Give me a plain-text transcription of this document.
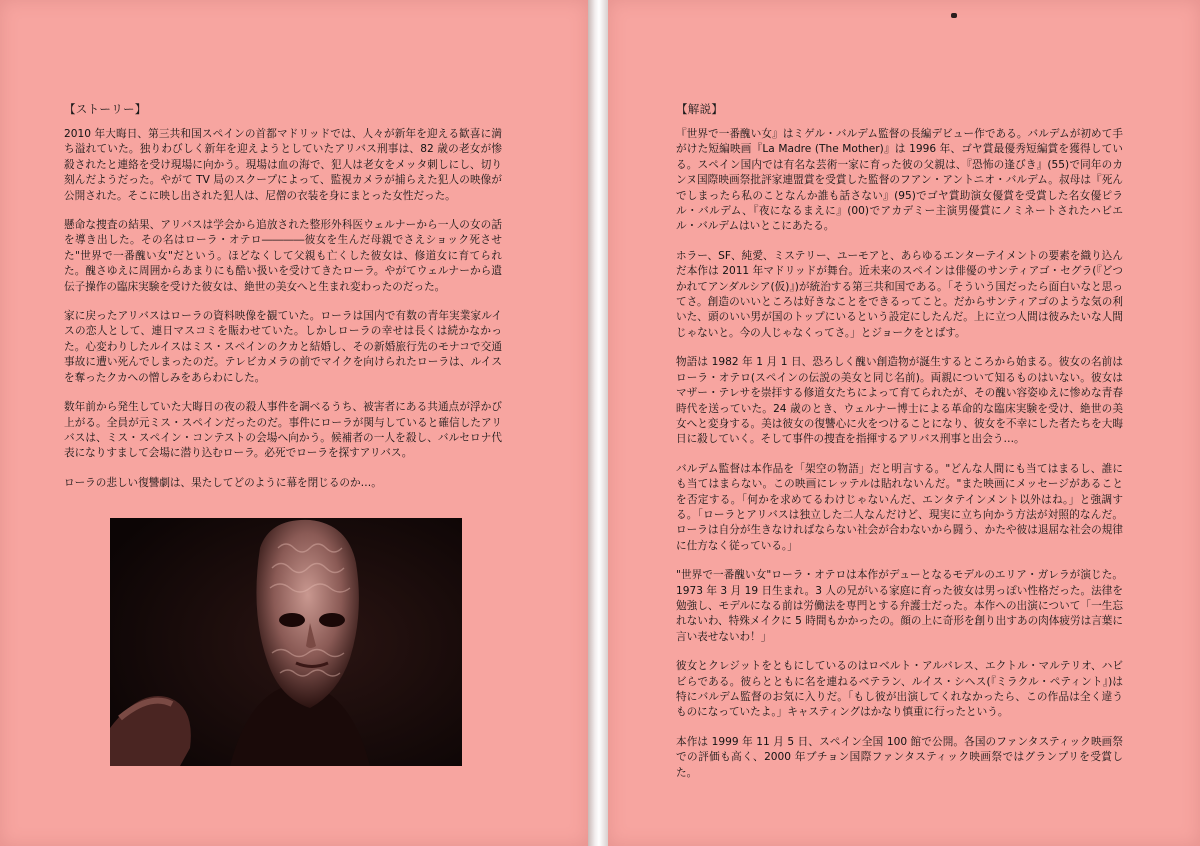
【ストーリー】

2010 年大晦日、第三共和国スペインの首都マドリッドでは、人々が新年を迎える歓喜に満ち溢れていた。独りわびしく新年を迎えようとしていたアリバス刑事は、82 歳の老女が惨殺されたと連絡を受け現場に向かう。現場は血の海で、犯人は老女をメッタ刺しにし、切り刻んだようだった。やがて TV 局のスクープによって、監視カメラが捕らえた犯人の映像が公開された。そこに映し出された犯人は、尼僧の衣装を身にまとった女性だった。

懸命な捜査の結果、アリバスは学会から追放された整形外科医ウェルナーから一人の女の話を導き出した。その名はローラ・オテロ――――彼女を生んだ母親でさえショック死させた"世界で一番醜い女"だという。ほどなくして父親も亡くした彼女は、修道女に育てられた。醜さゆえに周囲からあまりにも酷い扱いを受けてきたローラ。やがてウェルナーから遺伝子操作の臨床実験を受けた彼女は、絶世の美女へと生まれ変わったのだった。

家に戻ったアリバスはローラの資料映像を観ていた。ローラは国内で有数の青年実業家ルイスの恋人として、連日マスコミを賑わせていた。しかしローラの幸せは長くは続かなかった。心変わりしたルイスはミス・スペインのクカと結婚し、その新婚旅行先のモナコで交通事故に遭い死んでしまったのだ。テレビカメラの前でマイクを向けられたローラは、ルイスを奪ったクカへの憎しみをあらわにした。

数年前から発生していた大晦日の夜の殺人事件を調べるうち、被害者にある共通点が浮かび上がる。全員が元ミス・スペインだったのだ。事件にローラが関与していると確信したアリバスは、ミス・スペイン・コンテストの会場へ向かう。候補者の一人を殺し、バルセロナ代表になりすまして会場に潜り込むローラ。必死でローラを探すアリバス。

ローラの悲しい復讐劇は、果たしてどのように幕を閉じるのか…。

【解説】

『世界で一番醜い女』はミゲル・バルデム監督の長編デビュー作である。バルデムが初めて手がけた短編映画『La Madre (The Mother)』は 1996 年、ゴヤ賞最優秀短編賞を獲得している。スペイン国内では有名な芸術一家に育った彼の父親は、『恐怖の逢びき』(55)で同年のカンヌ国際映画祭批評家連盟賞を受賞した監督のフアン・アントニオ・バルデム。叔母は『死んでしまったら私のことなんか誰も話さない』(95)でゴヤ賞助演女優賞を受賞した名女優ピラル・バルデム、『夜になるまえに』(00)でアカデミー主演男優賞にノミネートされたハビエル・バルデムはいとこにあたる。

ホラー、SF、純愛、ミステリー、ユーモアと、あらゆるエンターテイメントの要素を織り込んだ本作は 2011 年マドリッドが舞台。近未来のスペインは俳優のサンティアゴ・セグラ(『どつかれてアンダルシア(仮)』)が統治する第三共和国である。「そういう国だったら面白いなと思ってさ。創造のいいところは好きなことをできるってこと。だからサンティアゴのような気の利いた、頭のいい男が国のトップにいるという設定にしたんだ。上に立つ人間は彼みたいな人間じゃないと。今の人じゃなくってさ。」とジョークをとばす。

物語は 1982 年 1 月 1 日、恐ろしく醜い創造物が誕生するところから始まる。彼女の名前はローラ・オテロ(スペインの伝説の美女と同じ名前)。両親について知るものはいない。彼女はマザー・テレサを崇拝する修道女たちによって育てられたが、その醜い容姿ゆえに惨めな青春時代を送っていた。24 歳のとき、ウェルナー博士による革命的な臨床実験を受け、絶世の美女へと変身する。美は彼女の復讐心に火をつけることになり、彼女を不幸にした者たちを大晦日に殺していく。そして事件の捜査を指揮するアリバス刑事と出会う…。

バルデム監督は本作品を「架空の物語」だと明言する。"どんな人間にも当てはまるし、誰にも当てはまらない。この映画にレッテルは貼れないんだ。"また映画にメッセージがあることを否定する。「何かを求めてるわけじゃないんだ、エンタテインメント以外はね。」と強調する。「ローラとアリバスは独立した二人なんだけど、現実に立ち向かう方法が対照的なんだ。ローラは自分が生きなければならない社会が合わないから闘う、かたや彼は退屈な社会の規律に仕方なく従っている。」

"世界で一番醜い女"ローラ・オテロは本作がデューとなるモデルのエリア・ガレラが演じた。1973 年 3 月 19 日生まれ。3 人の兄がいる家庭に育った彼女は男っぽい性格だった。法律を勉強し、モデルになる前は労働法を専門とする弁護士だった。本作への出演について「一生忘れないわ、特殊メイクに 5 時間もかかったの。顔の上に奇形を創り出すあの肉体疲労は言葉に言い表せないわ！」

彼女とクレジットをともにしているのはロベルト・アルバレス、エクトル・マルテリオ、ハビビらである。彼らとともに名を連ねるベテラン、ルイス・シヘス(『ミラクル・ペティント』)は特にバルデム監督のお気に入りだ。「もし彼が出演してくれなかったら、この作品は全く違うものになっていたよ。」キャスティングはかなり慎重に行ったという。

本作は 1999 年 11 月 5 日、スペイン全国 100 館で公開。各国のファンタスティック映画祭での評価も高く、2000 年ブチョン国際ファンタスティック映画祭ではグランプリを受賞した。
